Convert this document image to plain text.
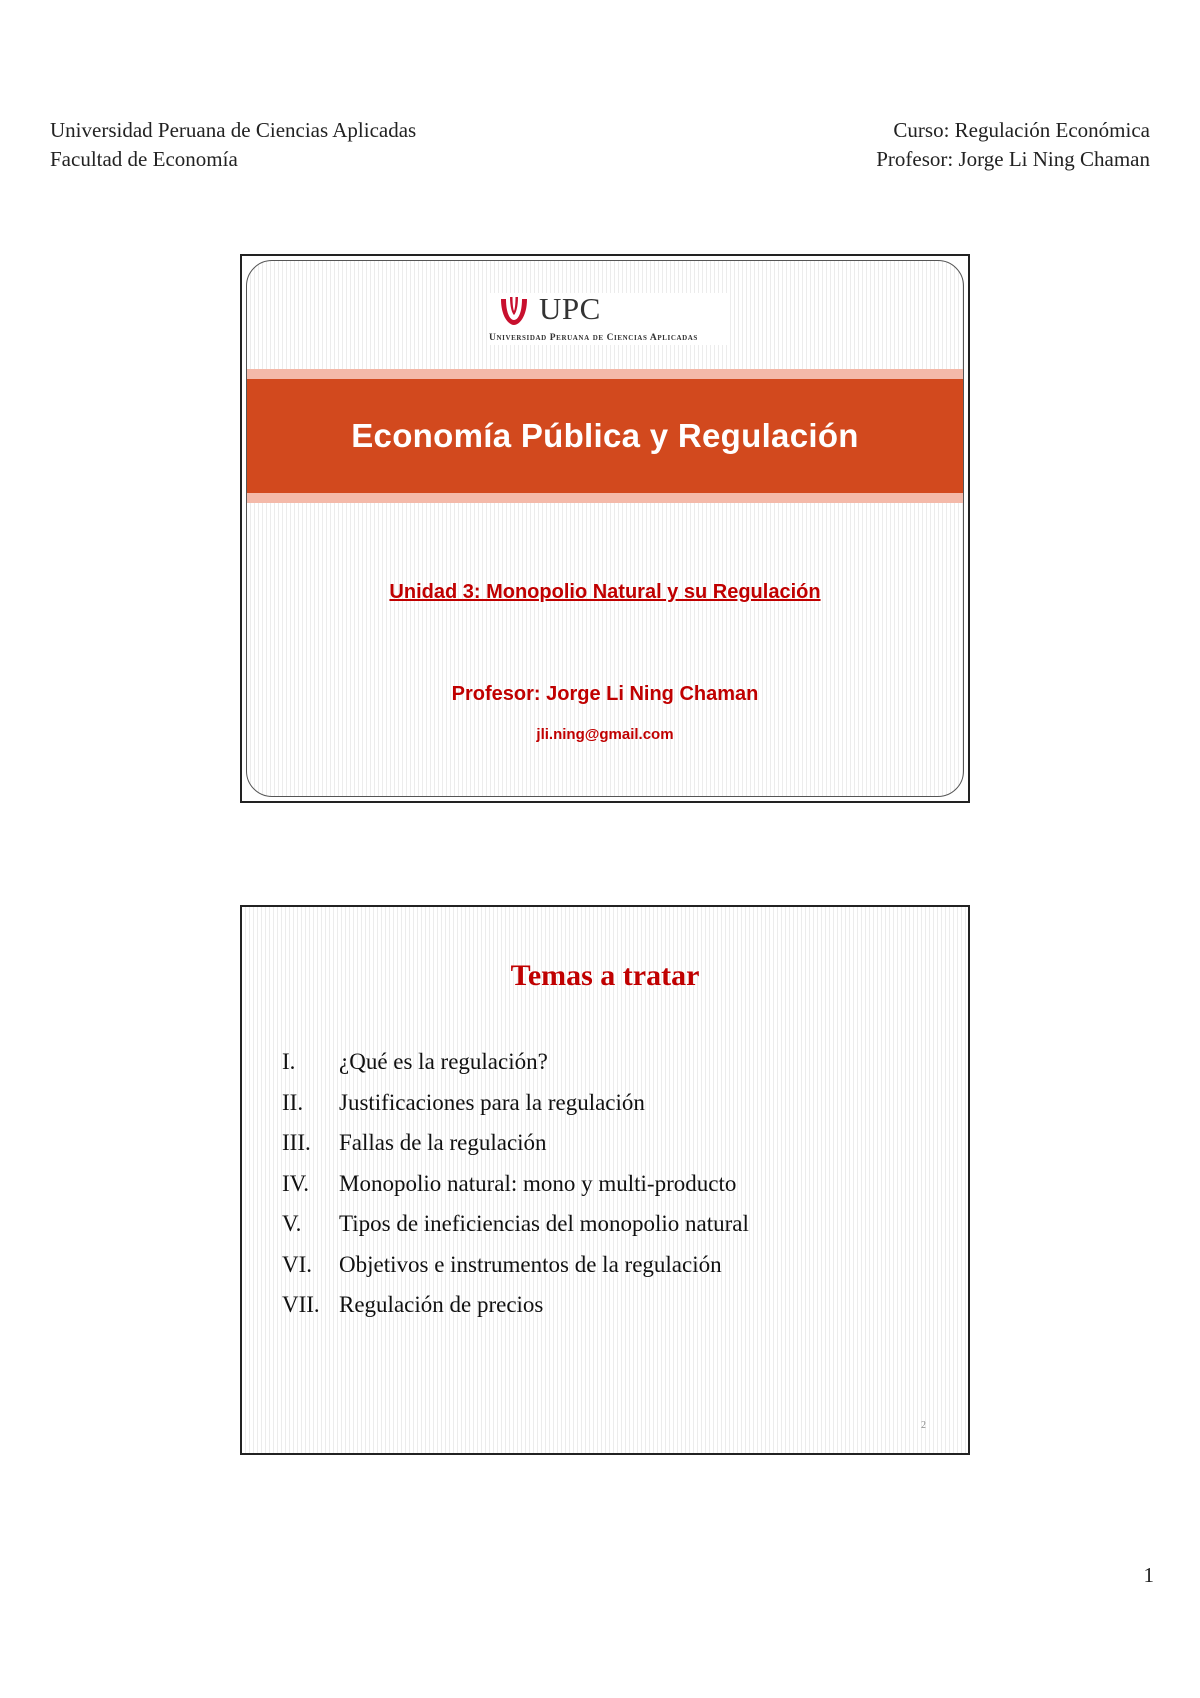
Universidad Peruana de Ciencias Aplicadas
Facultad de Economía
Curso: Regulación Económica
Profesor: Jorge Li Ning Chaman
UPC
Universidad Peruana de Ciencias Aplicadas
Economía Pública y Regulación
Unidad 3: Monopolio Natural y su Regulación
Profesor: Jorge Li Ning Chaman
jli.ning@gmail.com
Temas a tratar
I.	¿Qué es la regulación?
II.	Justificaciones para la regulación
III.	Fallas de la regulación
IV.	Monopolio natural: mono y multi-producto
V.	Tipos de ineficiencias del monopolio natural
VI.	Objetivos e instrumentos de la regulación
VII. Regulación de precios
2
1
